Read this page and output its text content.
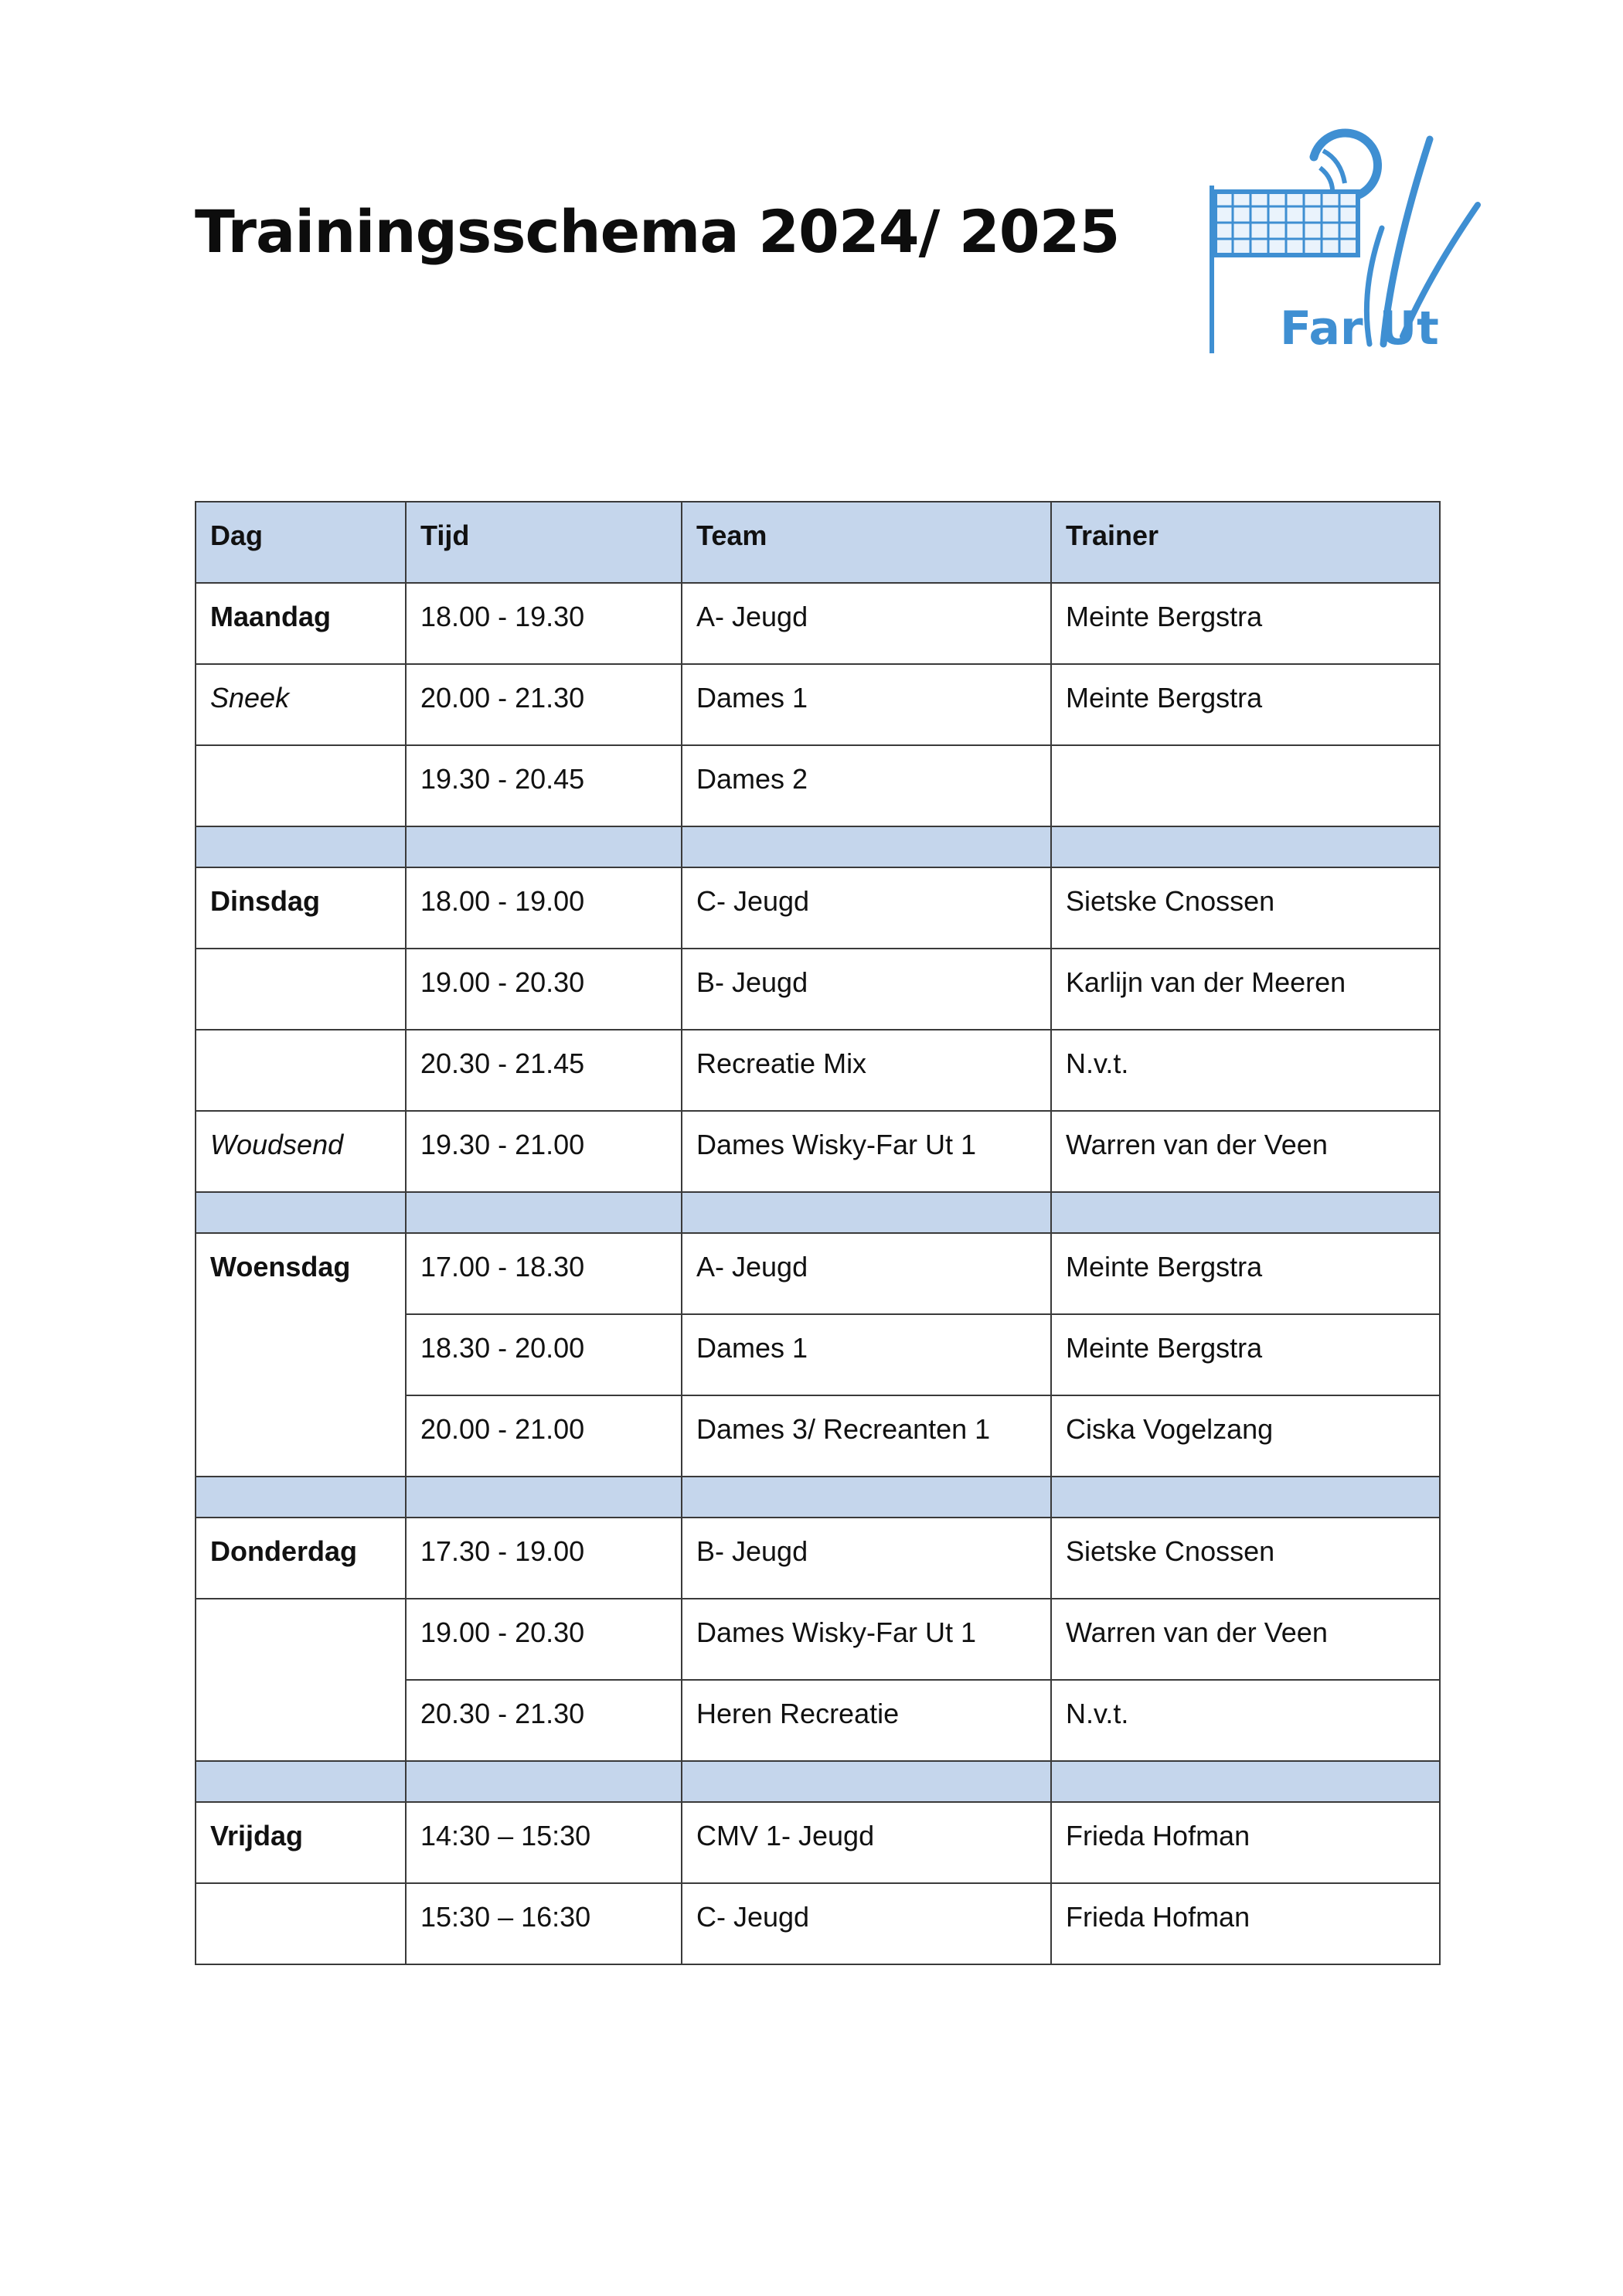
Trainingsschema 2024/ 2025
Far Ut
Dag	Tijd	Team	Trainer
Maandag	18.00 - 19.30	A- Jeugd	Meinte Bergstra
Sneek	20.00 - 21.30	Dames 1	Meinte Bergstra
	19.30 - 20.45	Dames 2	

Dinsdag	18.00 - 19.00	C- Jeugd	Sietske Cnossen
	19.00 - 20.30	B- Jeugd	Karlijn van der Meeren
	20.30 - 21.45	Recreatie Mix	N.v.t.
Woudsend	19.30 - 21.00	Dames Wisky-Far Ut 1	Warren van der Veen

Woensdag	17.00 - 18.30	A- Jeugd	Meinte Bergstra
	18.30 - 20.00	Dames 1	Meinte Bergstra
	20.00 - 21.00	Dames 3/ Recreanten 1	Ciska Vogelzang

Donderdag	17.30 - 19.00	B- Jeugd	Sietske Cnossen
	19.00 - 20.30	Dames Wisky-Far Ut 1	Warren van der Veen
	20.30 - 21.30	Heren Recreatie	N.v.t.

Vrijdag	14:30 – 15:30	CMV 1- Jeugd	Frieda Hofman
	15:30 – 16:30	C- Jeugd	Frieda Hofman
